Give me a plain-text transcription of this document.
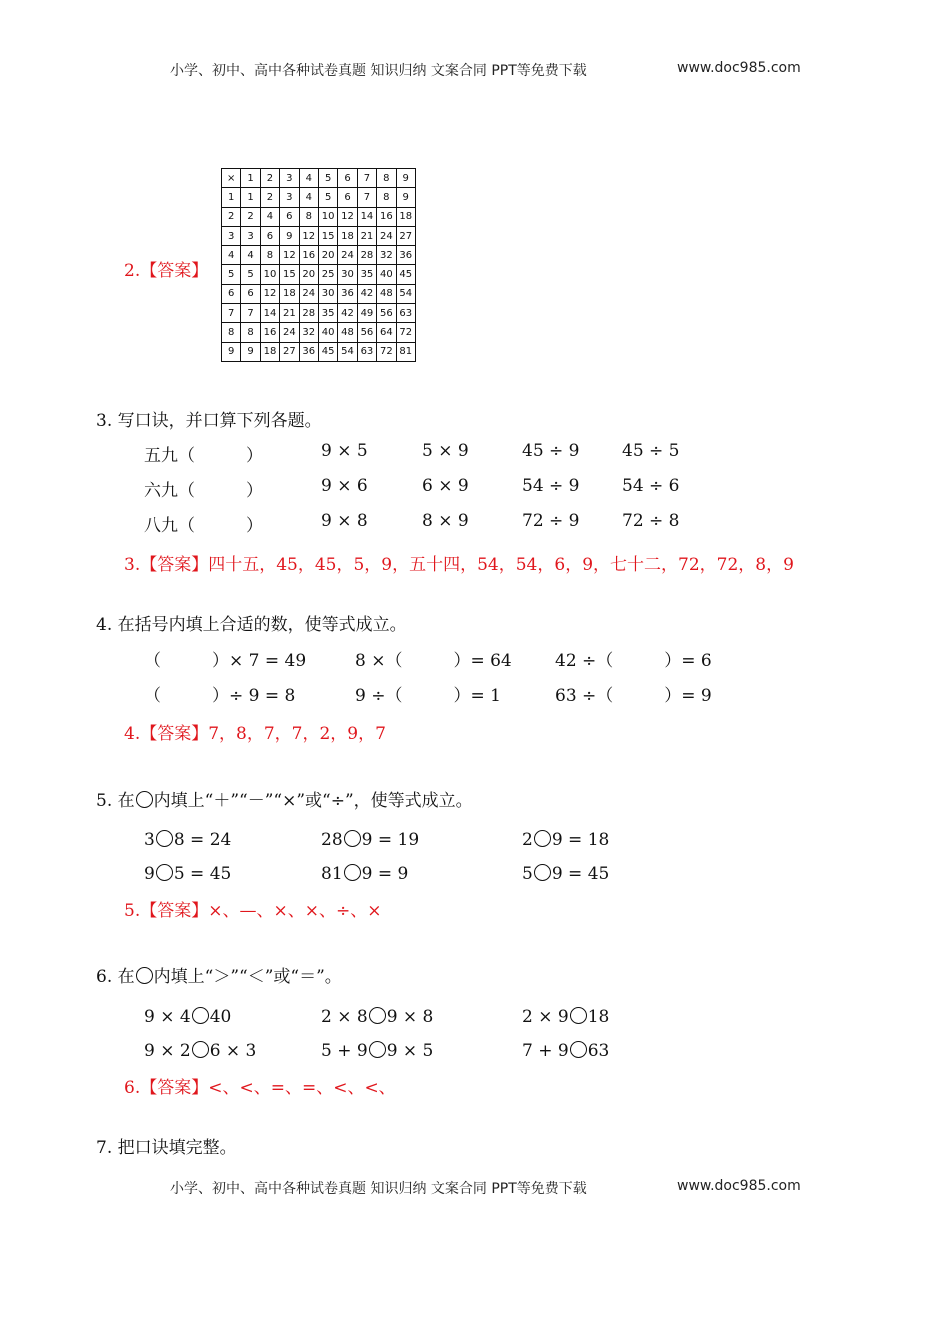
小学、初中、高中各种试卷真题 知识归纳 文案合同 PPT等免费下载	www.doc985.com
2.【答案】
×	1	2	3	4	5	6	7	8	9
1	1	2	3	4	5	6	7	8	9
2	2	4	6	8	10	12	14	16	18
3	3	6	9	12	15	18	21	24	27
4	4	8	12	16	20	24	28	32	36
5	5	10	15	20	25	30	35	40	45
6	6	12	18	24	30	36	42	48	54
7	7	14	21	28	35	42	49	56	63
8	8	16	24	32	40	48	56	64	72
9	9	18	27	36	45	54	63	72	81
3. 写口诀，并口算下列各题。
五九（　　　）	9 × 5	5 × 9	45 ÷ 9	45 ÷ 5
六九（　　　）	9 × 6	6 × 9	54 ÷ 9	54 ÷ 6
八九（　　　）	9 × 8	8 × 9	72 ÷ 9	72 ÷ 8
3.【答案】四十五，45，45，5，9，五十四，54，54，6，9，七十二，72，72，8，9
4. 在括号内填上合适的数，使等式成立。
（　　　）× 7 = 49	8 ×（　　　）= 64	42 ÷（　　　）= 6
（　　　）÷ 9 = 8	9 ÷（　　　）= 1	63 ÷（　　　）= 9
4.【答案】7，8，7，7，2，9，7
5. 在 内填上“＋”“－”“×”或“÷”，使等式成立。
3 8 = 24	28 9 = 19	2 9 = 18
9 5 = 45	81 9 = 9	5 9 = 45
5.【答案】×、—、×、×、÷、×
6. 在 内填上“＞”“＜”或“＝”。
9 × 4 40	2 × 8 9 × 8	2 × 9 18
9 × 2 6 × 3	5 + 9 9 × 5	7 + 9 63
6.【答案】<、<、=、=、<、<、
7. 把口诀填完整。
小学、初中、高中各种试卷真题 知识归纳 文案合同 PPT等免费下载	www.doc985.com
